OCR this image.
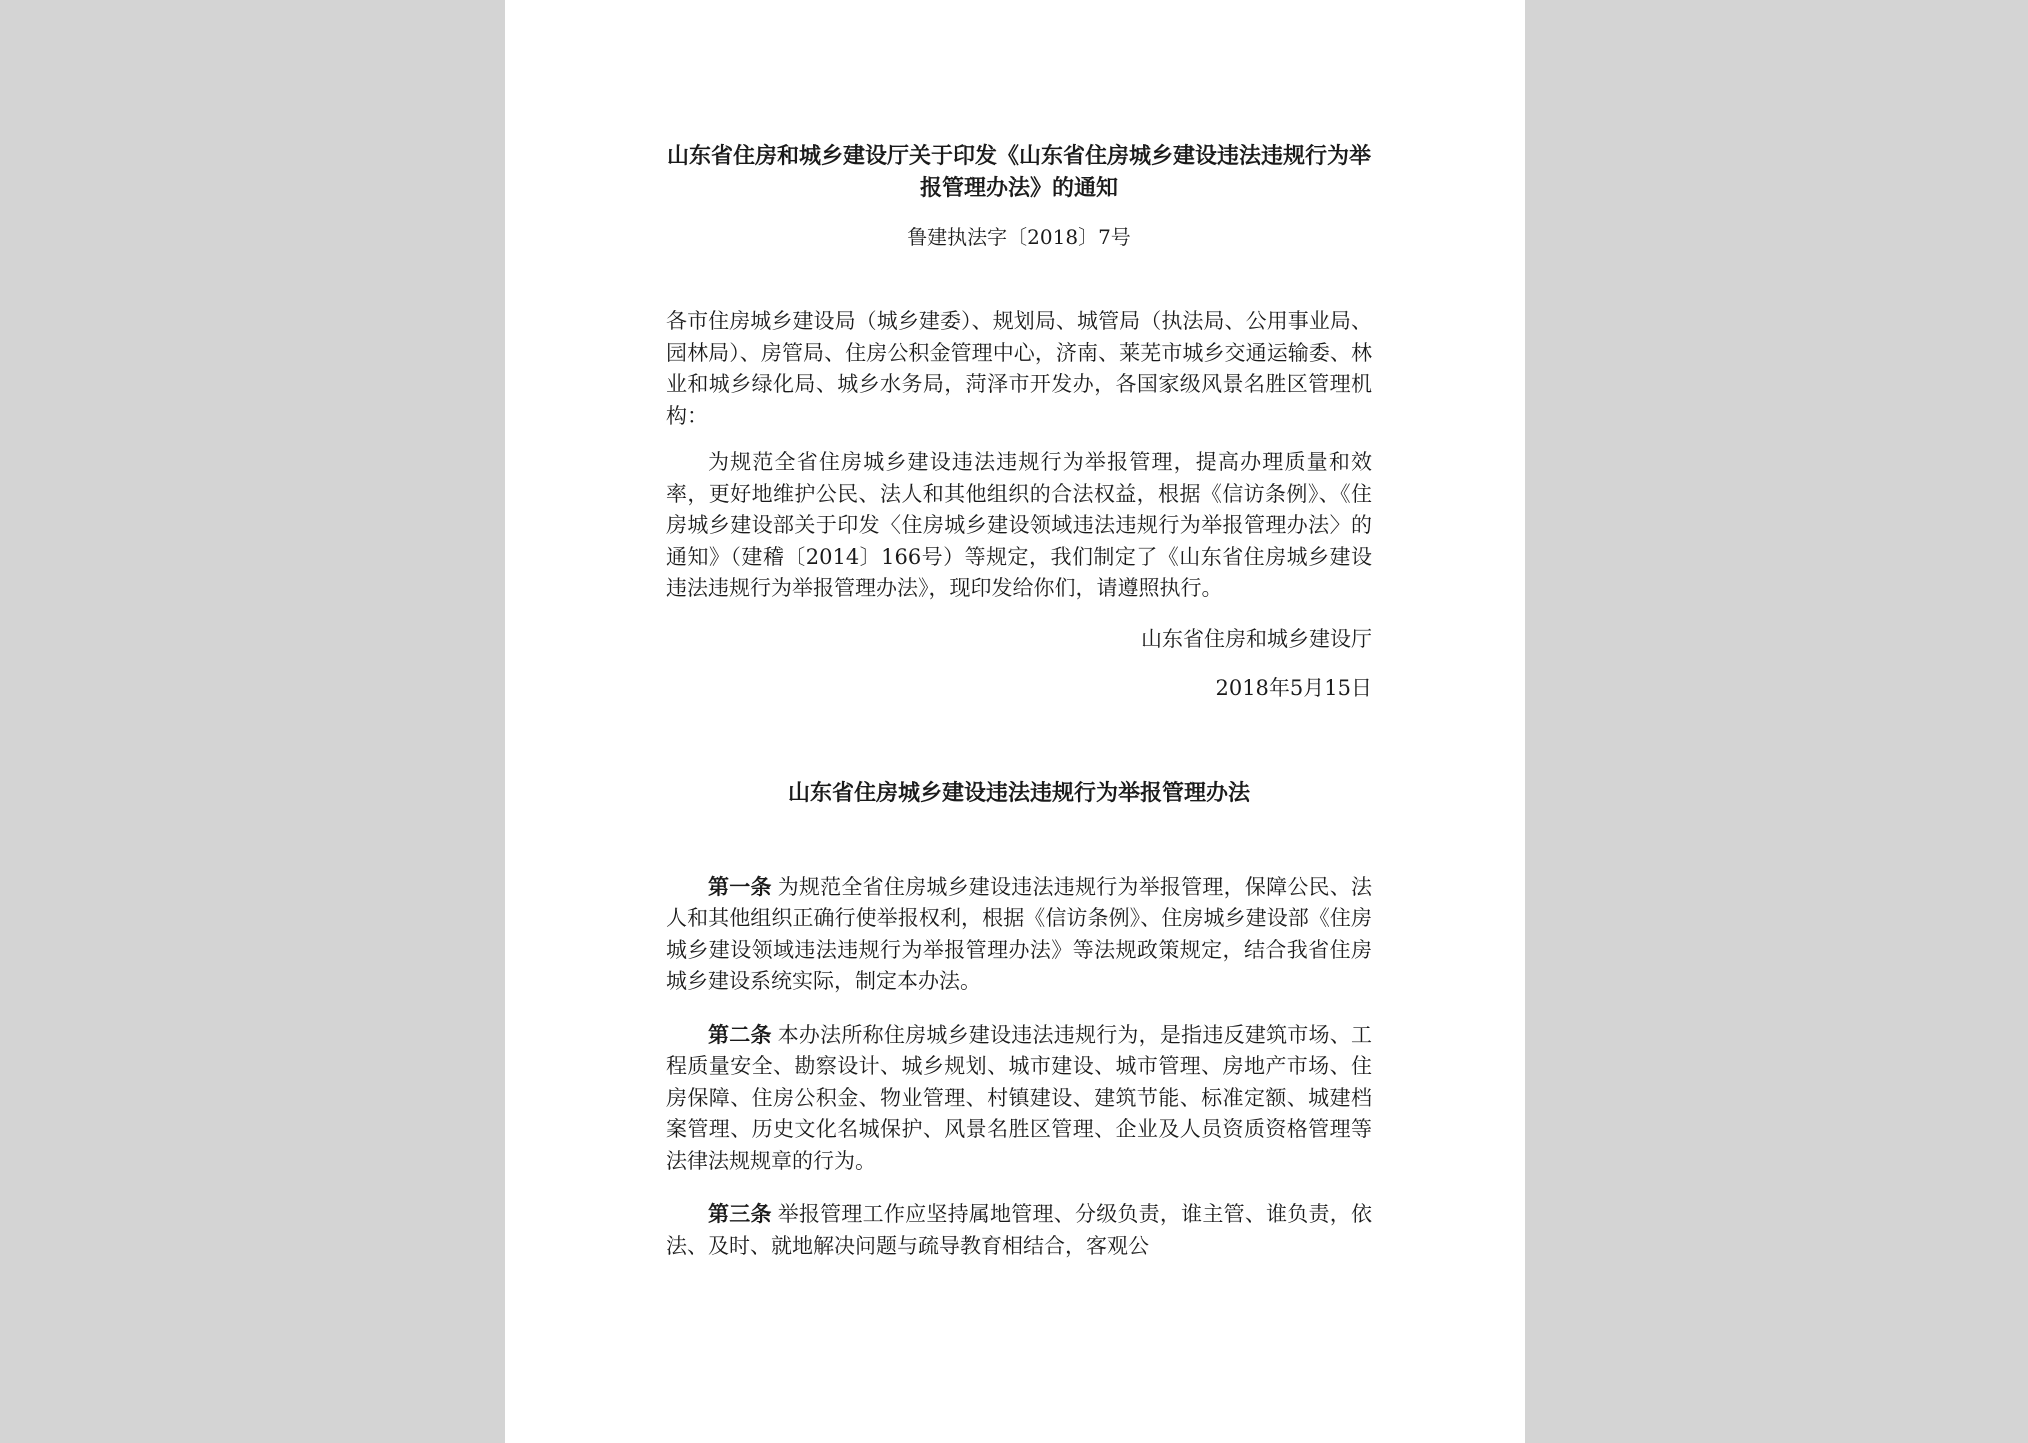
山东省住房和城乡建设厅关于印发《山东省住房城乡建设违法违规行为举报管理办法》的通知
鲁建执法字〔2018〕7号
各市住房城乡建设局（城乡建委）、规划局、城管局（执法局、公用事业局、园林局）、房管局、住房公积金管理中心，济南、莱芜市城乡交通运输委、林业和城乡绿化局、城乡水务局，菏泽市开发办，各国家级风景名胜区管理机构：
为规范全省住房城乡建设违法违规行为举报管理，提高办理质量和效率，更好地维护公民、法人和其他组织的合法权益，根据《信访条例》、《住房城乡建设部关于印发〈住房城乡建设领域违法违规行为举报管理办法〉的通知》（建稽〔2014〕166号）等规定，我们制定了《山东省住房城乡建设违法违规行为举报管理办法》，现印发给你们，请遵照执行。
山东省住房和城乡建设厅
2018年5月15日
山东省住房城乡建设违法违规行为举报管理办法

第一条 为规范全省住房城乡建设违法违规行为举报管理，保障公民、法人和其他组织正确行使举报权利，根据《信访条例》、住房城乡建设部《住房城乡建设领域违法违规行为举报管理办法》等法规政策规定，结合我省住房城乡建设系统实际，制定本办法。

第二条 本办法所称住房城乡建设违法违规行为，是指违反建筑市场、工程质量安全、勘察设计、城乡规划、城市建设、城市管理、房地产市场、住房保障、住房公积金、物业管理、村镇建设、建筑节能、标准定额、城建档案管理、历史文化名城保护、风景名胜区管理、企业及人员资质资格管理等法律法规规章的行为。

第三条 举报管理工作应坚持属地管理、分级负责，谁主管、谁负责，依法、及时、就地解决问题与疏导教育相结合，客观公
